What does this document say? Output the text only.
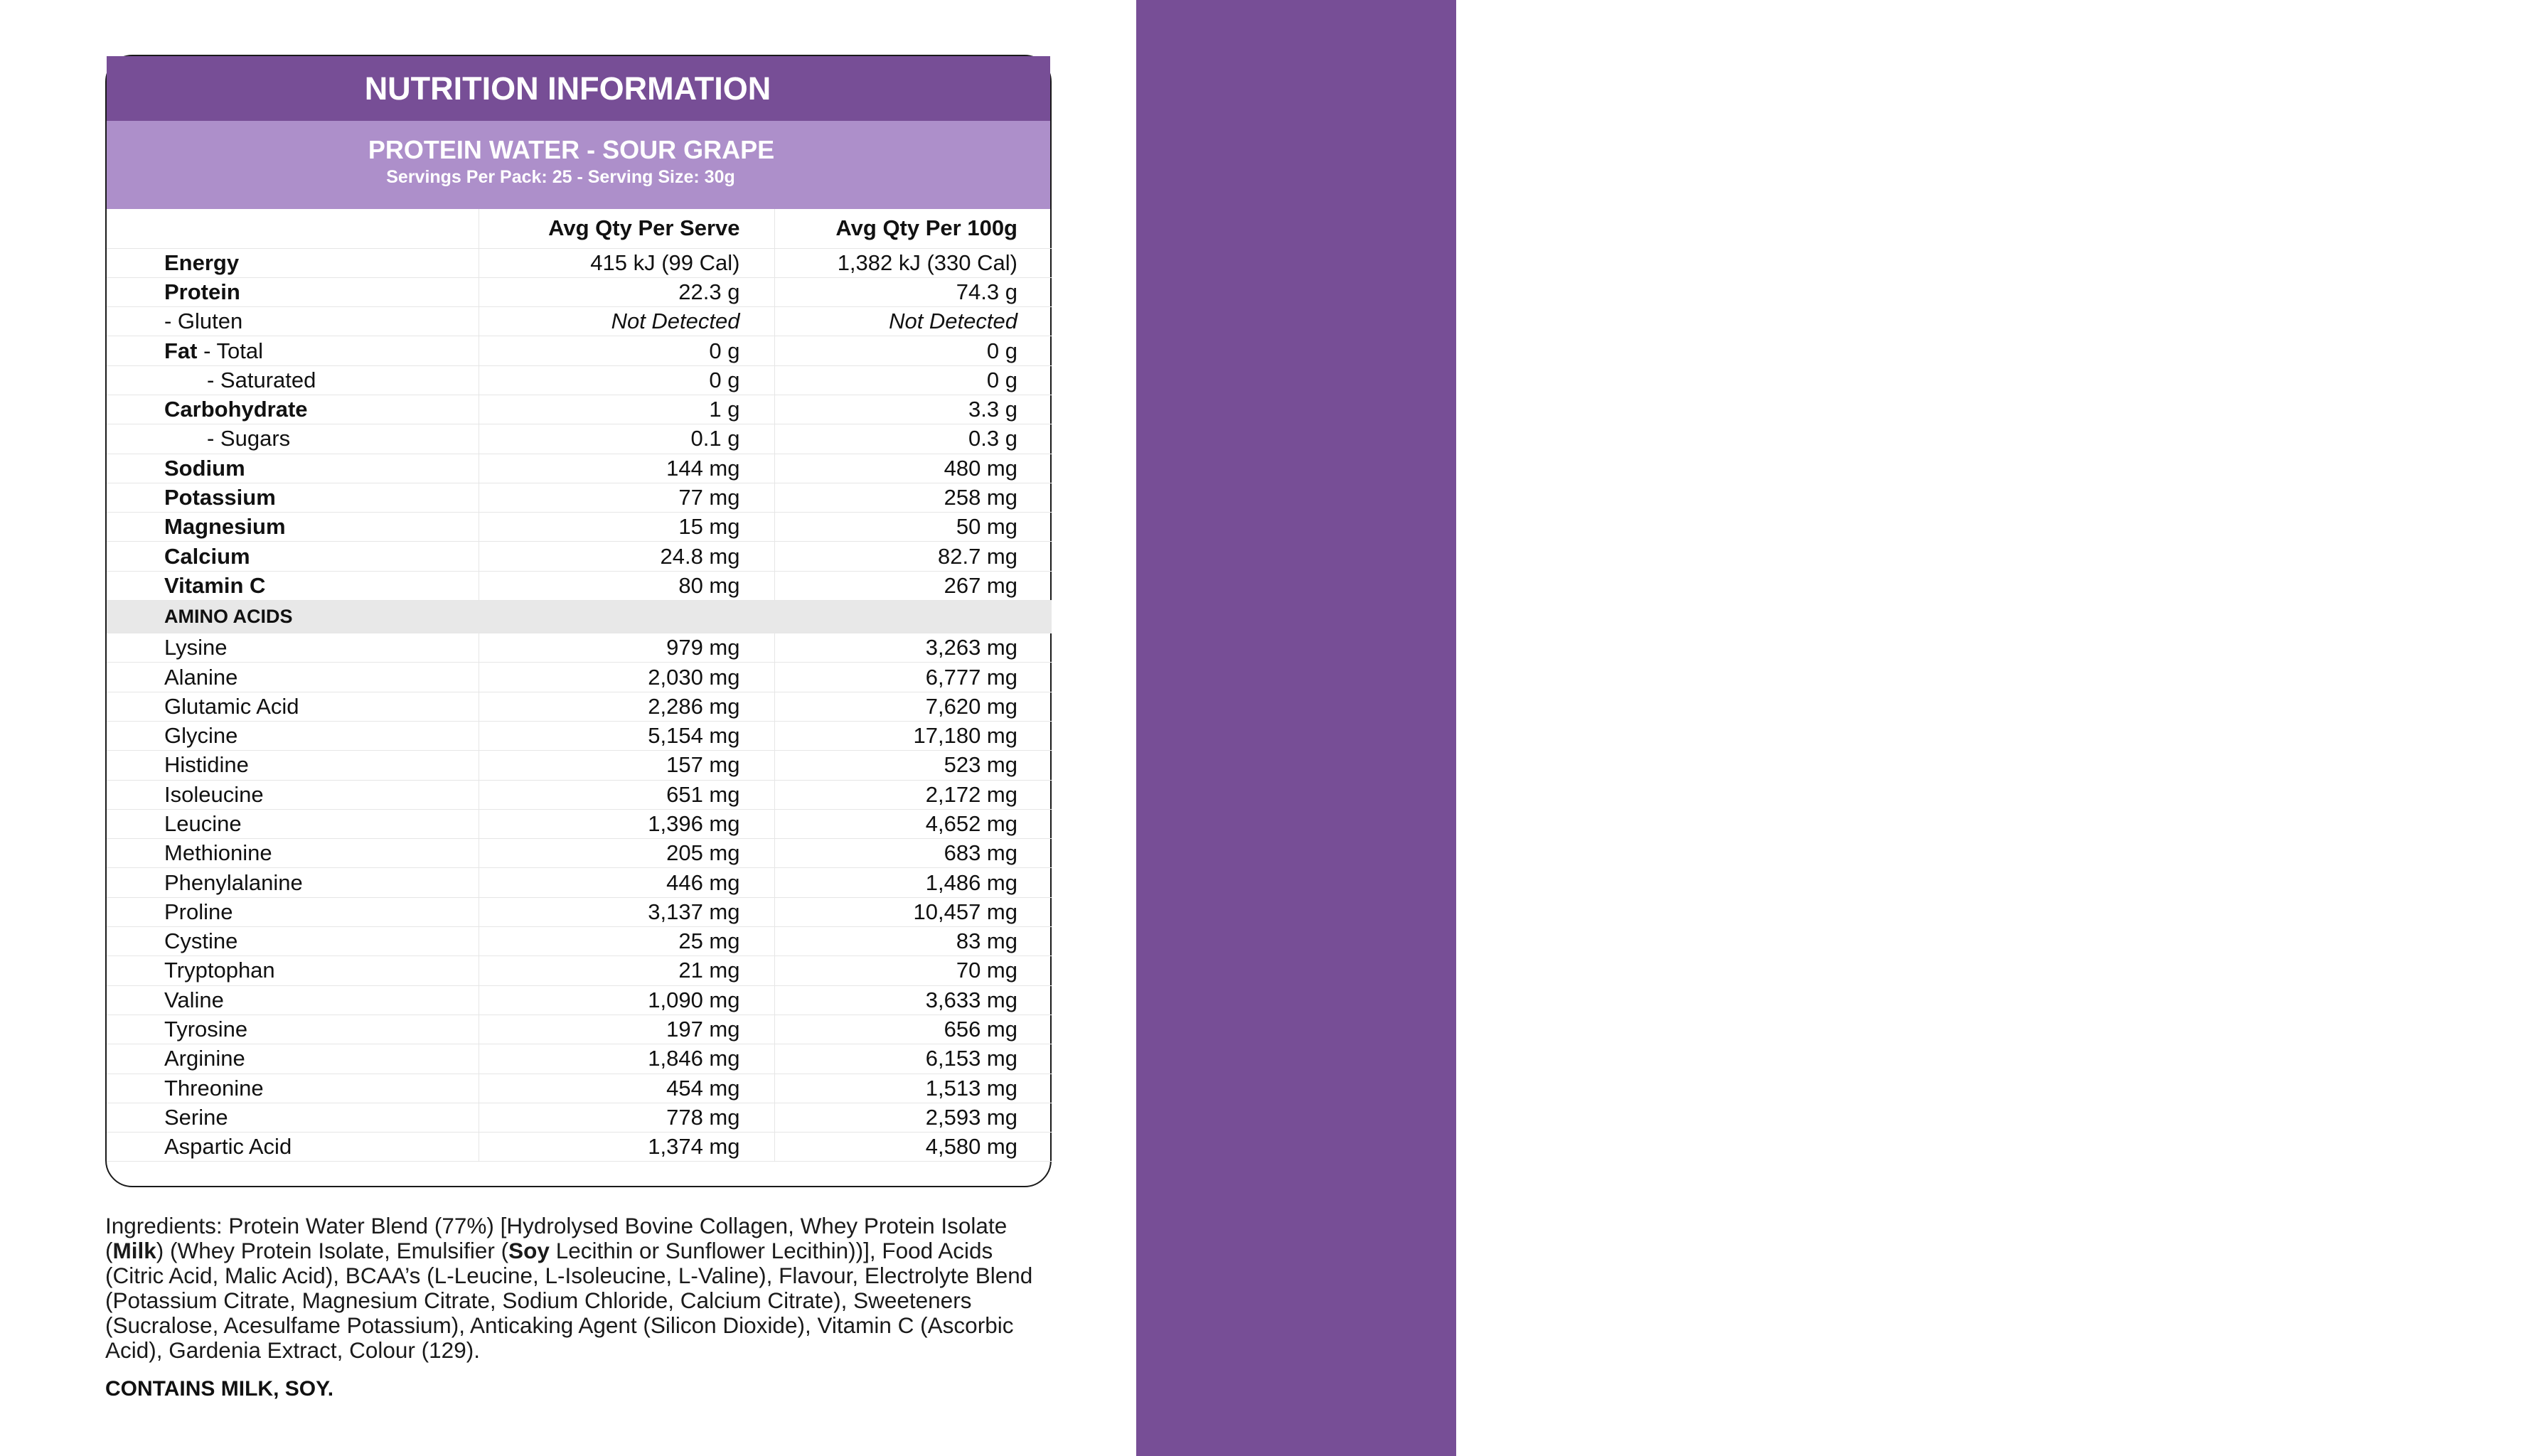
SOUR GRAPE
NUTRITION INFORMATION
PROTEIN WATER - SOUR GRAPE
Servings Per Pack: 25 - Serving Size: 30g
	Avg Qty Per Serve	Avg Qty Per 100g
Energy	415 kJ (99 Cal)	1,382 kJ (330 Cal)
Protein	22.3 g	74.3 g
- Gluten	Not Detected	Not Detected
Fat - Total	0 g	0 g
- Saturated	0 g	0 g
Carbohydrate	1 g	3.3 g
- Sugars	0.1 g	0.3 g
Sodium	144 mg	480 mg
Potassium	77 mg	258 mg
Magnesium	15 mg	50 mg
Calcium	24.8 mg	82.7 mg
Vitamin C	80 mg	267 mg
AMINO ACIDS		
Lysine	979 mg	3,263 mg
Alanine	2,030 mg	6,777 mg
Glutamic Acid	2,286 mg	7,620 mg
Glycine	5,154 mg	17,180 mg
Histidine	157 mg	523 mg
Isoleucine	651 mg	2,172 mg
Leucine	1,396 mg	4,652 mg
Methionine	205 mg	683 mg
Phenylalanine	446 mg	1,486 mg
Proline	3,137 mg	10,457 mg
Cystine	25 mg	83 mg
Tryptophan	21 mg	70 mg
Valine	1,090 mg	3,633 mg
Tyrosine	197 mg	656 mg
Arginine	1,846 mg	6,153 mg
Threonine	454 mg	1,513 mg
Serine	778 mg	2,593 mg
Aspartic Acid	1,374 mg	4,580 mg
Ingredients: Protein Water Blend (77%) [Hydrolysed Bovine Collagen, Whey Protein Isolate (Milk) (Whey Protein Isolate, Emulsifier (Soy Lecithin or Sunflower Lecithin))], Food Acids (Citric Acid, Malic Acid), BCAA’s (L-Leucine, L-Isoleucine, L-Valine), Flavour, Electrolyte Blend (Potassium Citrate, Magnesium Citrate, Sodium Chloride, Calcium Citrate), Sweeteners (Sucralose, Acesulfame Potassium), Anticaking Agent (Silicon Dioxide), Vitamin C (Ascorbic Acid), Gardenia Extract, Colour (129).
CONTAINS MILK, SOY.
